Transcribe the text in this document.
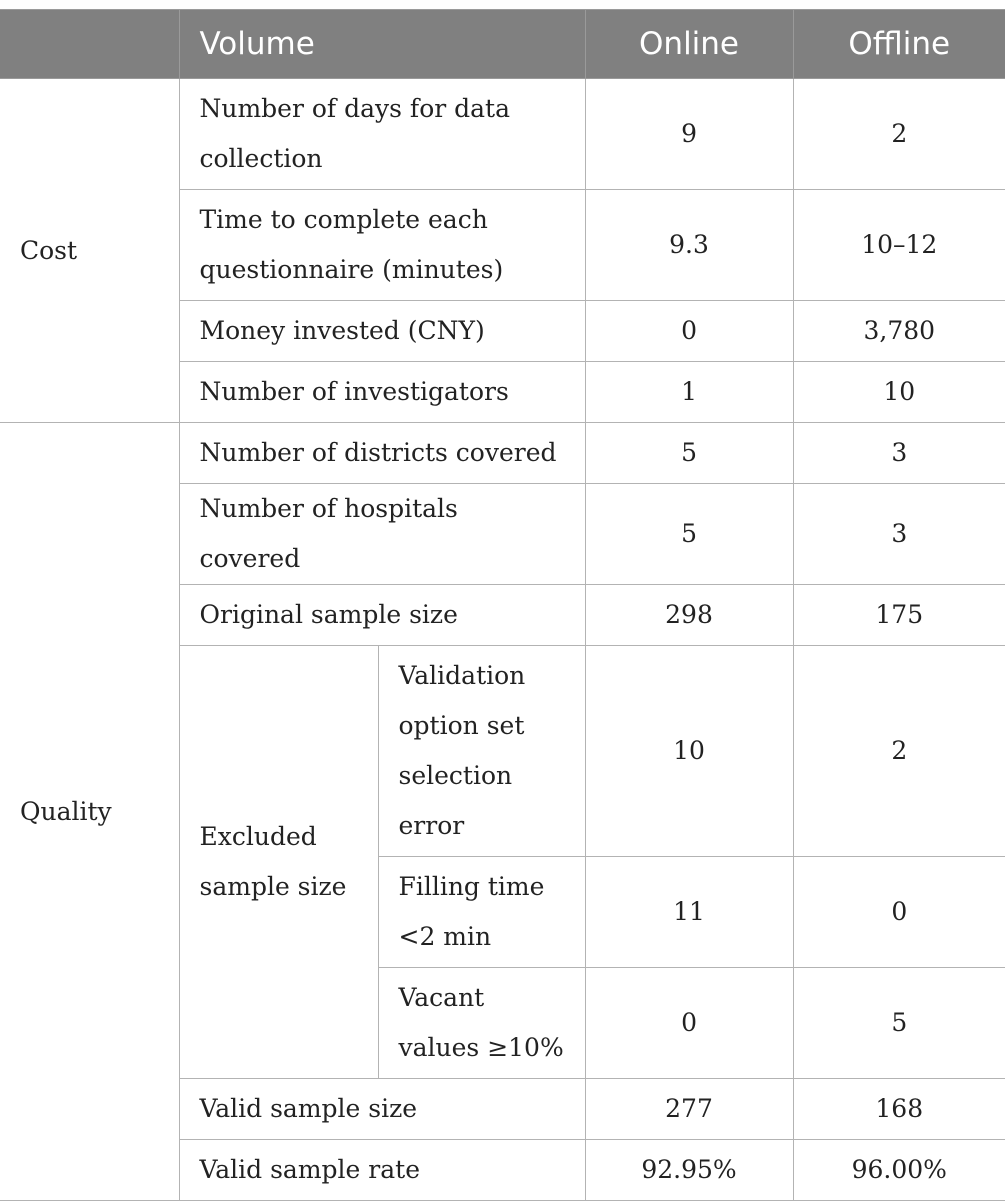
	Volume		Online	Offline
Cost	Number of days for data collection		9	2
	Time to complete each questionnaire (minutes)		9.3	10–12
	Money invested (CNY)		0	3,780
	Number of investigators		1	10
Quality	Number of districts covered		5	3
	Number of hospitals covered		5	3
	Original sample size		298	175
	Excluded sample size	Validation option set selection error	10	2
		Filling time <2 min	11	0
		Vacant values ≥10%	0	5
	Valid sample size		277	168
	Valid sample rate		92.95%	96.00%
